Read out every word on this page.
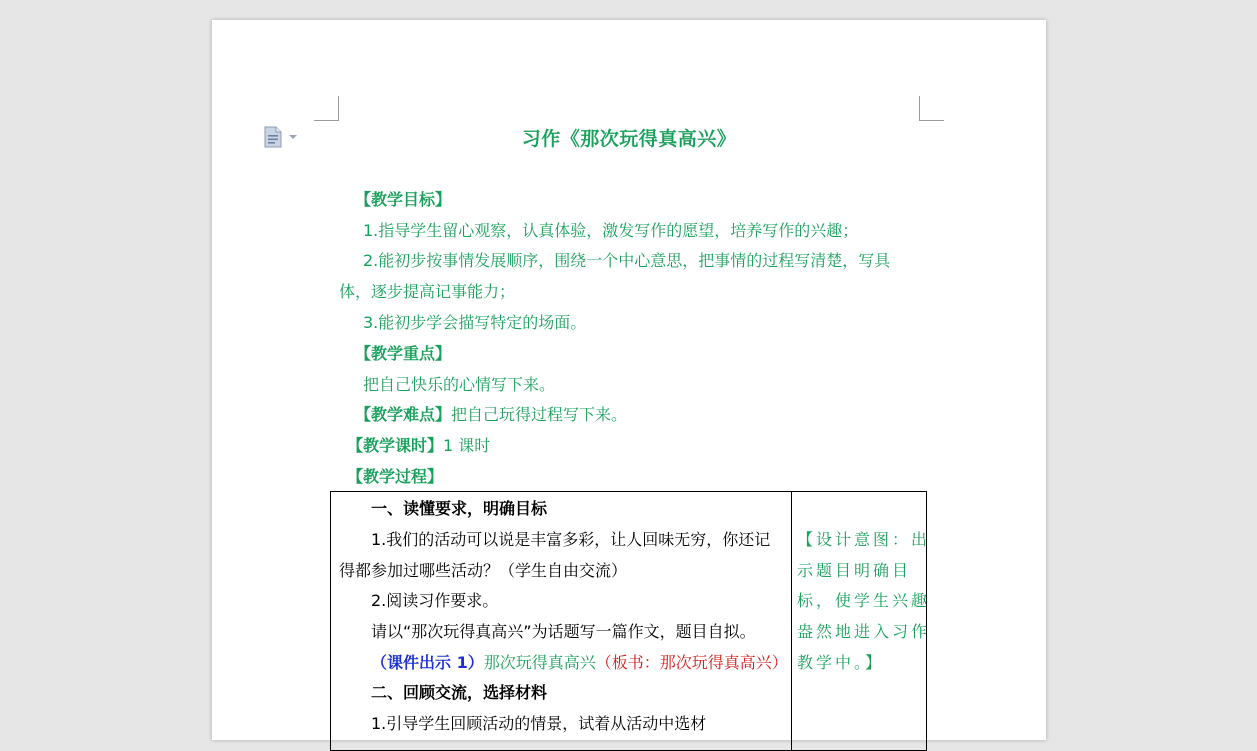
习作《那次玩得真高兴》
【教学目标】
1.指导学生留心观察，认真体验，激发写作的愿望，培养写作的兴趣；
2.能初步按事情发展顺序，围绕一个中心意思，把事情的过程写清楚，写具
体，逐步提高记事能力；
3.能初步学会描写特定的场面。
【教学重点】
把自己快乐的心情写下来。
【教学难点】把自己玩得过程写下来。
【教学课时】1 课时
【教学过程】
一、读懂要求，明确目标
1.我们的活动可以说是丰富多彩，让人回味无穷，你还记
得都参加过哪些活动？（学生自由交流）
2.阅读习作要求。
请以“那次玩得真高兴”为话题写一篇作文，题目自拟。
（课件出示 1）那次玩得真高兴（板书：那次玩得真高兴）
二、回顾交流，选择材料
1.引导学生回顾活动的情景，试着从活动中选材
【设计意图：出
示题目明确目
标，使学生兴趣
盎然地进入习作
教学中。】
